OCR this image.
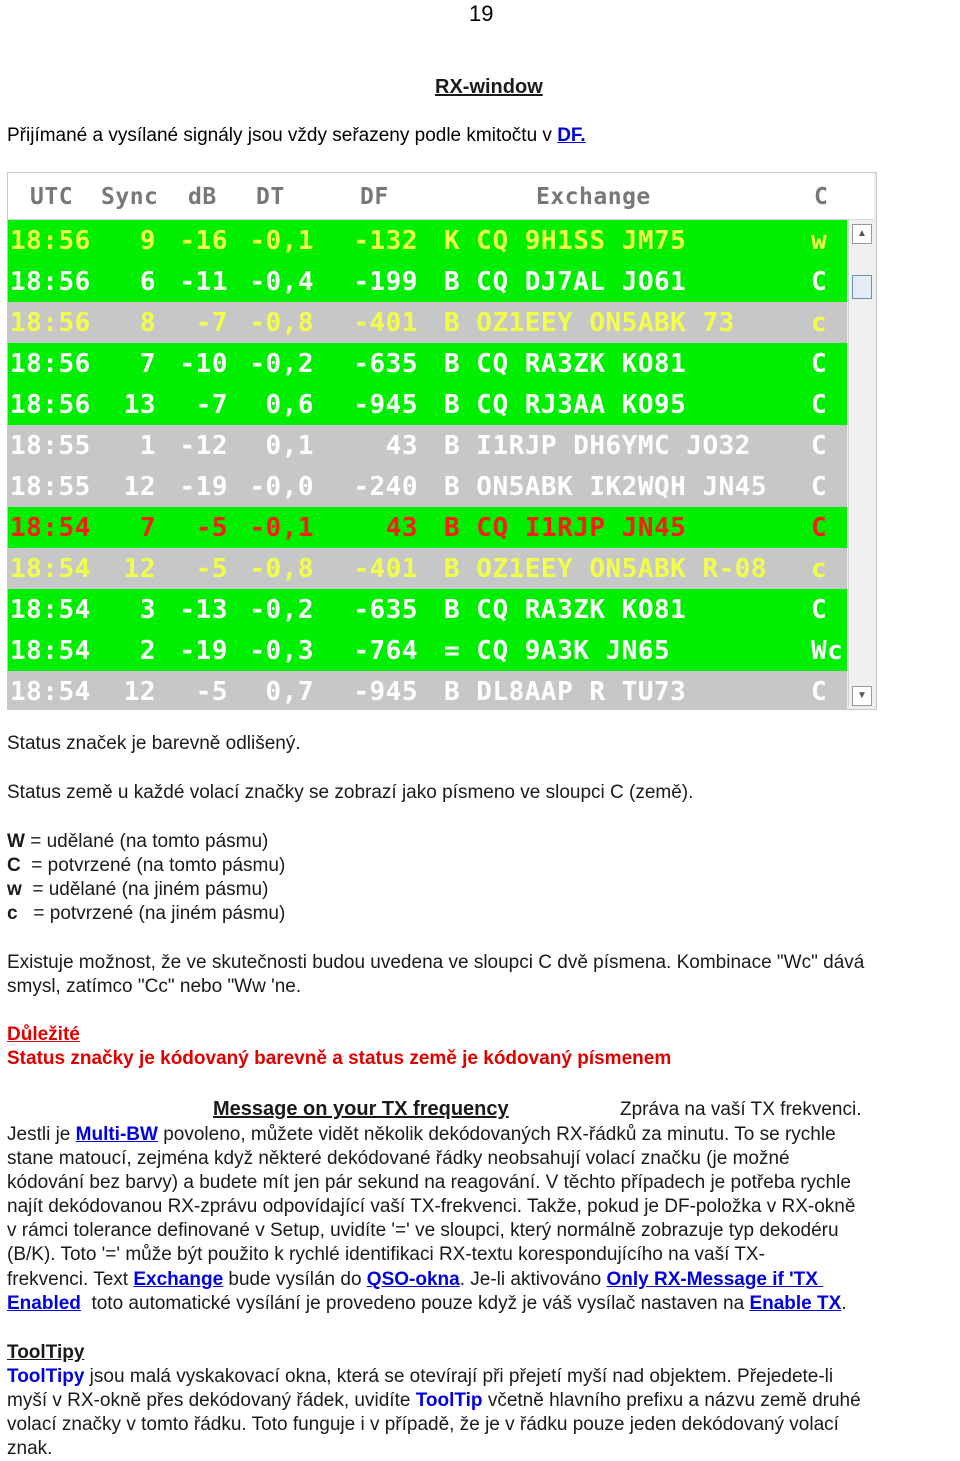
19
RX-window
Přijímané a vysílané signály jsou vždy seřazeny podle kmitočtu v DF.
UTC Sync dB DT	DF	Exchange	C
18:56	9 -16 -0,1	-132 K CQ 9H1SS JM75	w
18:56	6 -11 -0,4	-199 B CQ DJ7AL JO61	C
18:56	8	-7 -0,8	-401 B OZ1EEY ON5ABK 73	c
18:56	7 -10 -0,2	-635 B CQ RA3ZK KO81	C
18:56	13	-7	0,6	-945 B CQ RJ3AA KO95	C
18:55	1 -12	0,1	43 B I1RJP DH6YMC JO32	C
18:55	12 -19 -0,0	-240 B ON5ABK IK2WQH JN45	C
18:54	7	-5 -0,1	43 B CQ I1RJP JN45	C
18:54	12	-5 -0,8	-401 B OZ1EEY ON5ABK R-08	c
18:54	3 -13 -0,2	-635 B CQ RA3ZK KO81	C
18:54	2 -19 -0,3	-764 = CQ 9A3K JN65	Wc
18:54	12	-5	0,7	-945 B DL8AAP R TU73	C
▲
▼
Status značek je barevně odlišený.
Status země u každé volací značky se zobrazí jako písmeno ve sloupci C (země).
W = udělané (na tomto pásmu)
C = potvrzené (na tomto pásmu)
w = udělané (na jiném pásmu)
c = potvrzené (na jiném pásmu)
Existuje možnost, že ve skutečnosti budou uvedena ve sloupci C dvě písmena. Kombinace "Wc" dává
smysl, zatímco "Cc" nebo "Ww 'ne.
Důležité
Status značky je kódovaný barevně a status země je kódovaný písmenem
Message on your TX frequency	Zpráva na vaší TX frekvenci.
Jestli je Multi-BW povoleno, můžete vidět několik dekódovaných RX-řádků za minutu. To se rychle
stane matoucí, zejména když některé dekódované řádky neobsahují volací značku (je možné
kódování bez barvy) a budete mít jen pár sekund na reagování. V těchto případech je potřeba rychle
najít dekódovanou RX-zprávu odpovídající vaší TX-frekvenci. Takže, pokud je DF-položka v RX-okně
v rámci tolerance definované v Setup, uvidíte '=' ve sloupci, který normálně zobrazuje typ dekodéru
(B/K). Toto '=' může být použito k rychlé identifikaci RX-textu korespondujícího na vaší TX-
frekvenci. Text Exchange bude vysílán do QSO-okna. Je-li aktivováno Only RX-Message if 'TX
Enabled  toto automatické vysílání je provedeno pouze když je váš vysílač nastaven na Enable TX.
ToolTipy
ToolTipy jsou malá vyskakovací okna, která se otevírají při přejetí myší nad objektem. Přejedete-li
myší v RX-okně přes dekódovaný řádek, uvidíte ToolTip včetně hlavního prefixu a názvu země druhé
volací značky v tomto řádku. Toto funguje i v případě, že je v řádku pouze jeden dekódovaný volací
znak.
